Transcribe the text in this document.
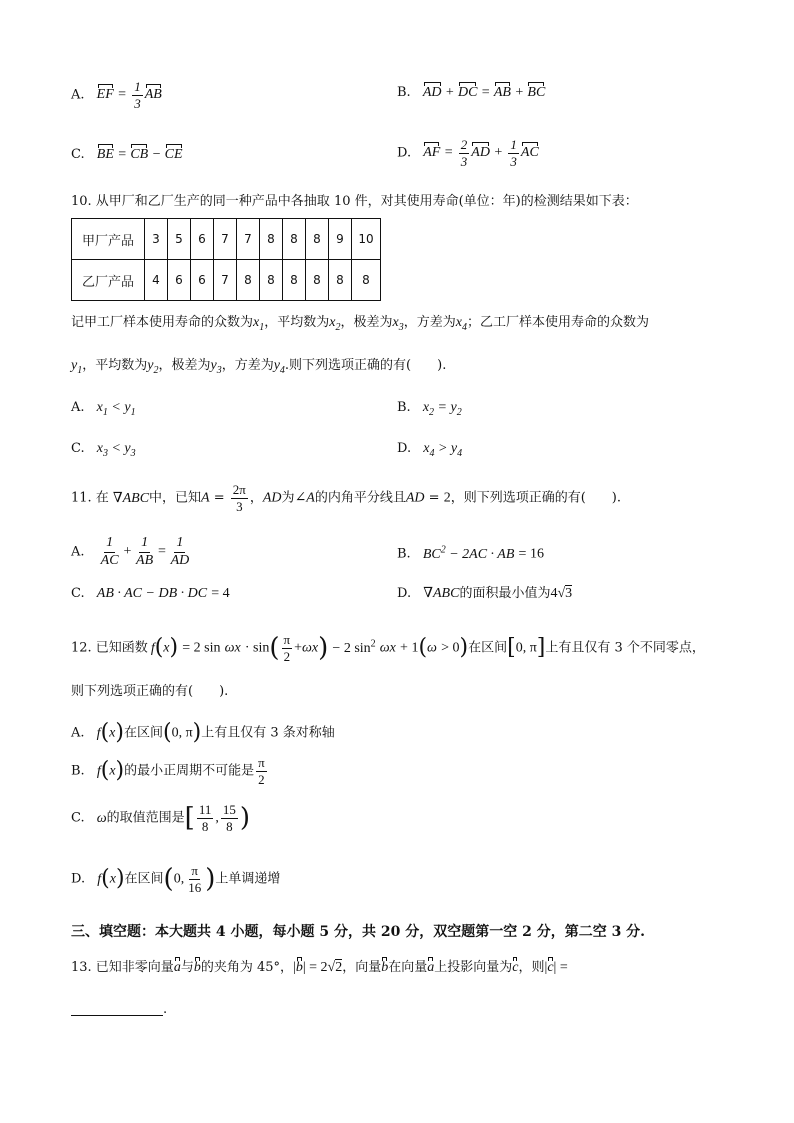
A. EF = $\frac{1}{3}$ AB	B. AD + DC = AB + BC
C. BE = CB − CE	D. AF = $\frac{2}{3}$ AD + $\frac{1}{3}$ AC
10. 从甲厂和乙厂生产的同一种产品中各抽取 10 件，对其使用寿命(单位：年)的检测结果如下表：
甲厂产品	3	5	6	7	7	8	8	8	9	10
乙厂产品	4	6	6	7	8	8	8	8	8	8
记甲工厂样本使用寿命的众数为$x_1$，平均数为$x_2$，极差为$x_3$，方差为$x_4$；乙工厂样本使用寿命的众数为
$y_1$，平均数为$y_2$，极差为$y_3$，方差为$y_4$.则下列选项正确的有(　　).
A. $x_1 < y_1$	B. $x_2 = y_2$
C. $x_3 < y_3$	D. $x_4 > y_4$
11. 在 ∇ABC中，已知$A = \frac{2\pi}{3}$ ，AD为∠A的内角平分线且AD = 2，则下列选项正确的有(　　).
A. $\frac{1}{AC} + \frac{1}{AB} = \frac{1}{AD}$	B. $BC^2 - 2AC$ · AB = 16
C. AB · AC − DB · DC = 4	D. ∇ABC的面积最小值为4√3
12. 已知函数 f(x) = 2 $\sin \omega x \cdot \sin( \frac{\pi}{2} +\omega x) - 2$ $\sin^2 \omega x + 1(\omega > 0)$在区间[0, π]上有且仅有 3 个不同零点，
则下列选项正确的有(　　).
A. f(x)在区间(0, π)上有且仅有 3 条对称轴
B. f(x)的最小正周期不可能是 $\frac{\pi}{2}$
C. ω的取值范围是[ $\frac{11}{8}$ , $\frac{15}{8}$ )
D. f(x)在区间(0, $\frac{\pi}{16}$ )上单调递增
三、填空题：本大题共 4 小题，每小题 5 分，共 20 分，双空题第一空 2 分，第二空 3 分.
13. 已知非零向量a与b的夹角为 45°，|b| = 2√2，向量b在向量a上投影向量为c，则|c| =
.
